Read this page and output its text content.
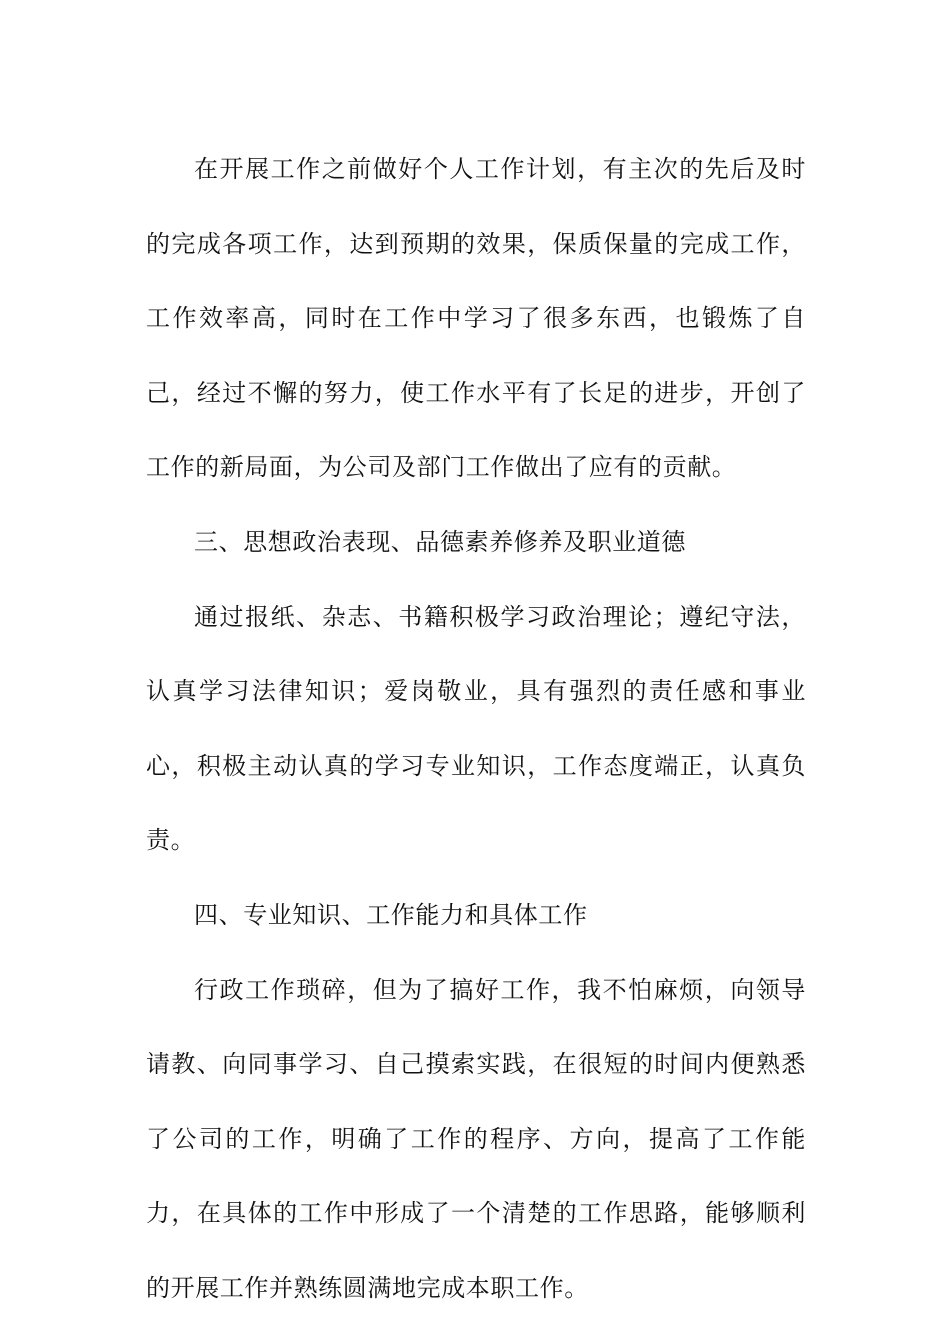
在开展工作之前做好个人工作计划，有主次的先后及时的完成各项工作，达到预期的效果，保质保量的完成工作，工作效率高，同时在工作中学习了很多东西，也锻炼了自己，经过不懈的努力，使工作水平有了长足的进步，开创了工作的新局面，为公司及部门工作做出了应有的贡献。

三、思想政治表现、品德素养修养及职业道德

通过报纸、杂志、书籍积极学习政治理论；遵纪守法，认真学习法律知识；爱岗敬业，具有强烈的责任感和事业心，积极主动认真的学习专业知识，工作态度端正，认真负责。

四、专业知识、工作能力和具体工作

行政工作琐碎，但为了搞好工作，我不怕麻烦，向领导请教、向同事学习、自己摸索实践，在很短的时间内便熟悉了公司的工作，明确了工作的程序、方向，提高了工作能力，在具体的工作中形成了一个清楚的工作思路，能够顺利的开展工作并熟练圆满地完成本职工作。
